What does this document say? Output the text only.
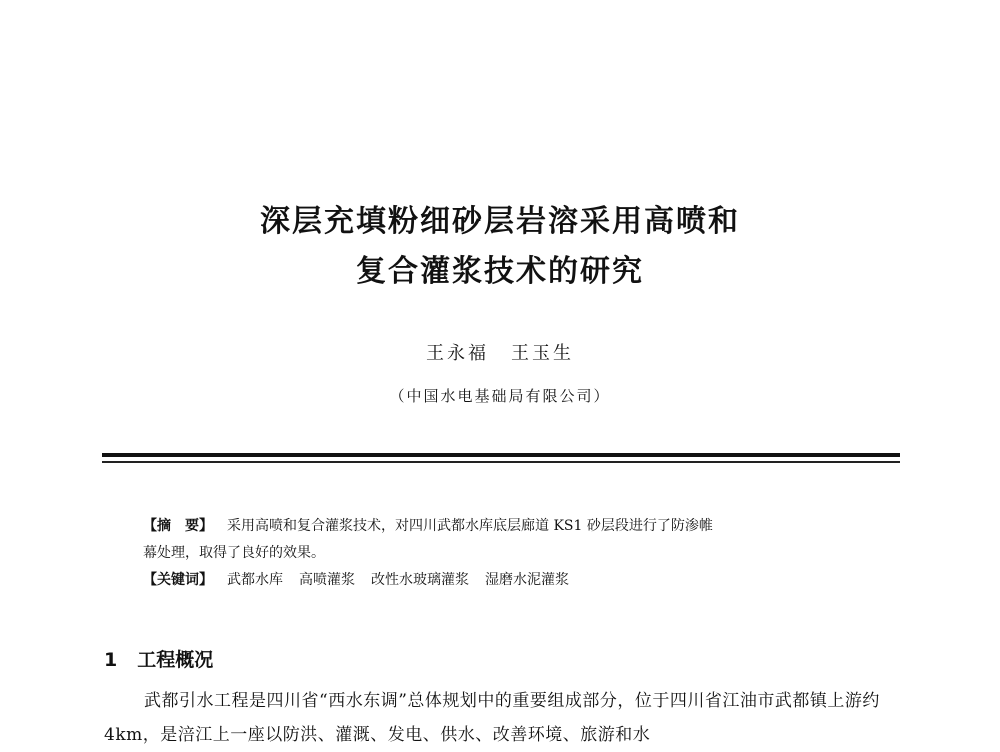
深层充填粉细砂层岩溶采用高喷和
复合灌浆技术的研究
王永福 王玉生
（中国水电基础局有限公司）
【摘　要】 采用高喷和复合灌浆技术，对四川武都水库底层廊道 KS1 砂层段进行了防渗帷
幕处理，取得了良好的效果。
【关键词】 武都水库 高喷灌浆 改性水玻璃灌浆 湿磨水泥灌浆
1 工程概况
武都引水工程是四川省“西水东调”总体规划中的重要组成部分，位于四川省江油市武都镇上游约 4km，是涪江上一座以防洪、灌溉、发电、供水、改善环境、旅游和水
